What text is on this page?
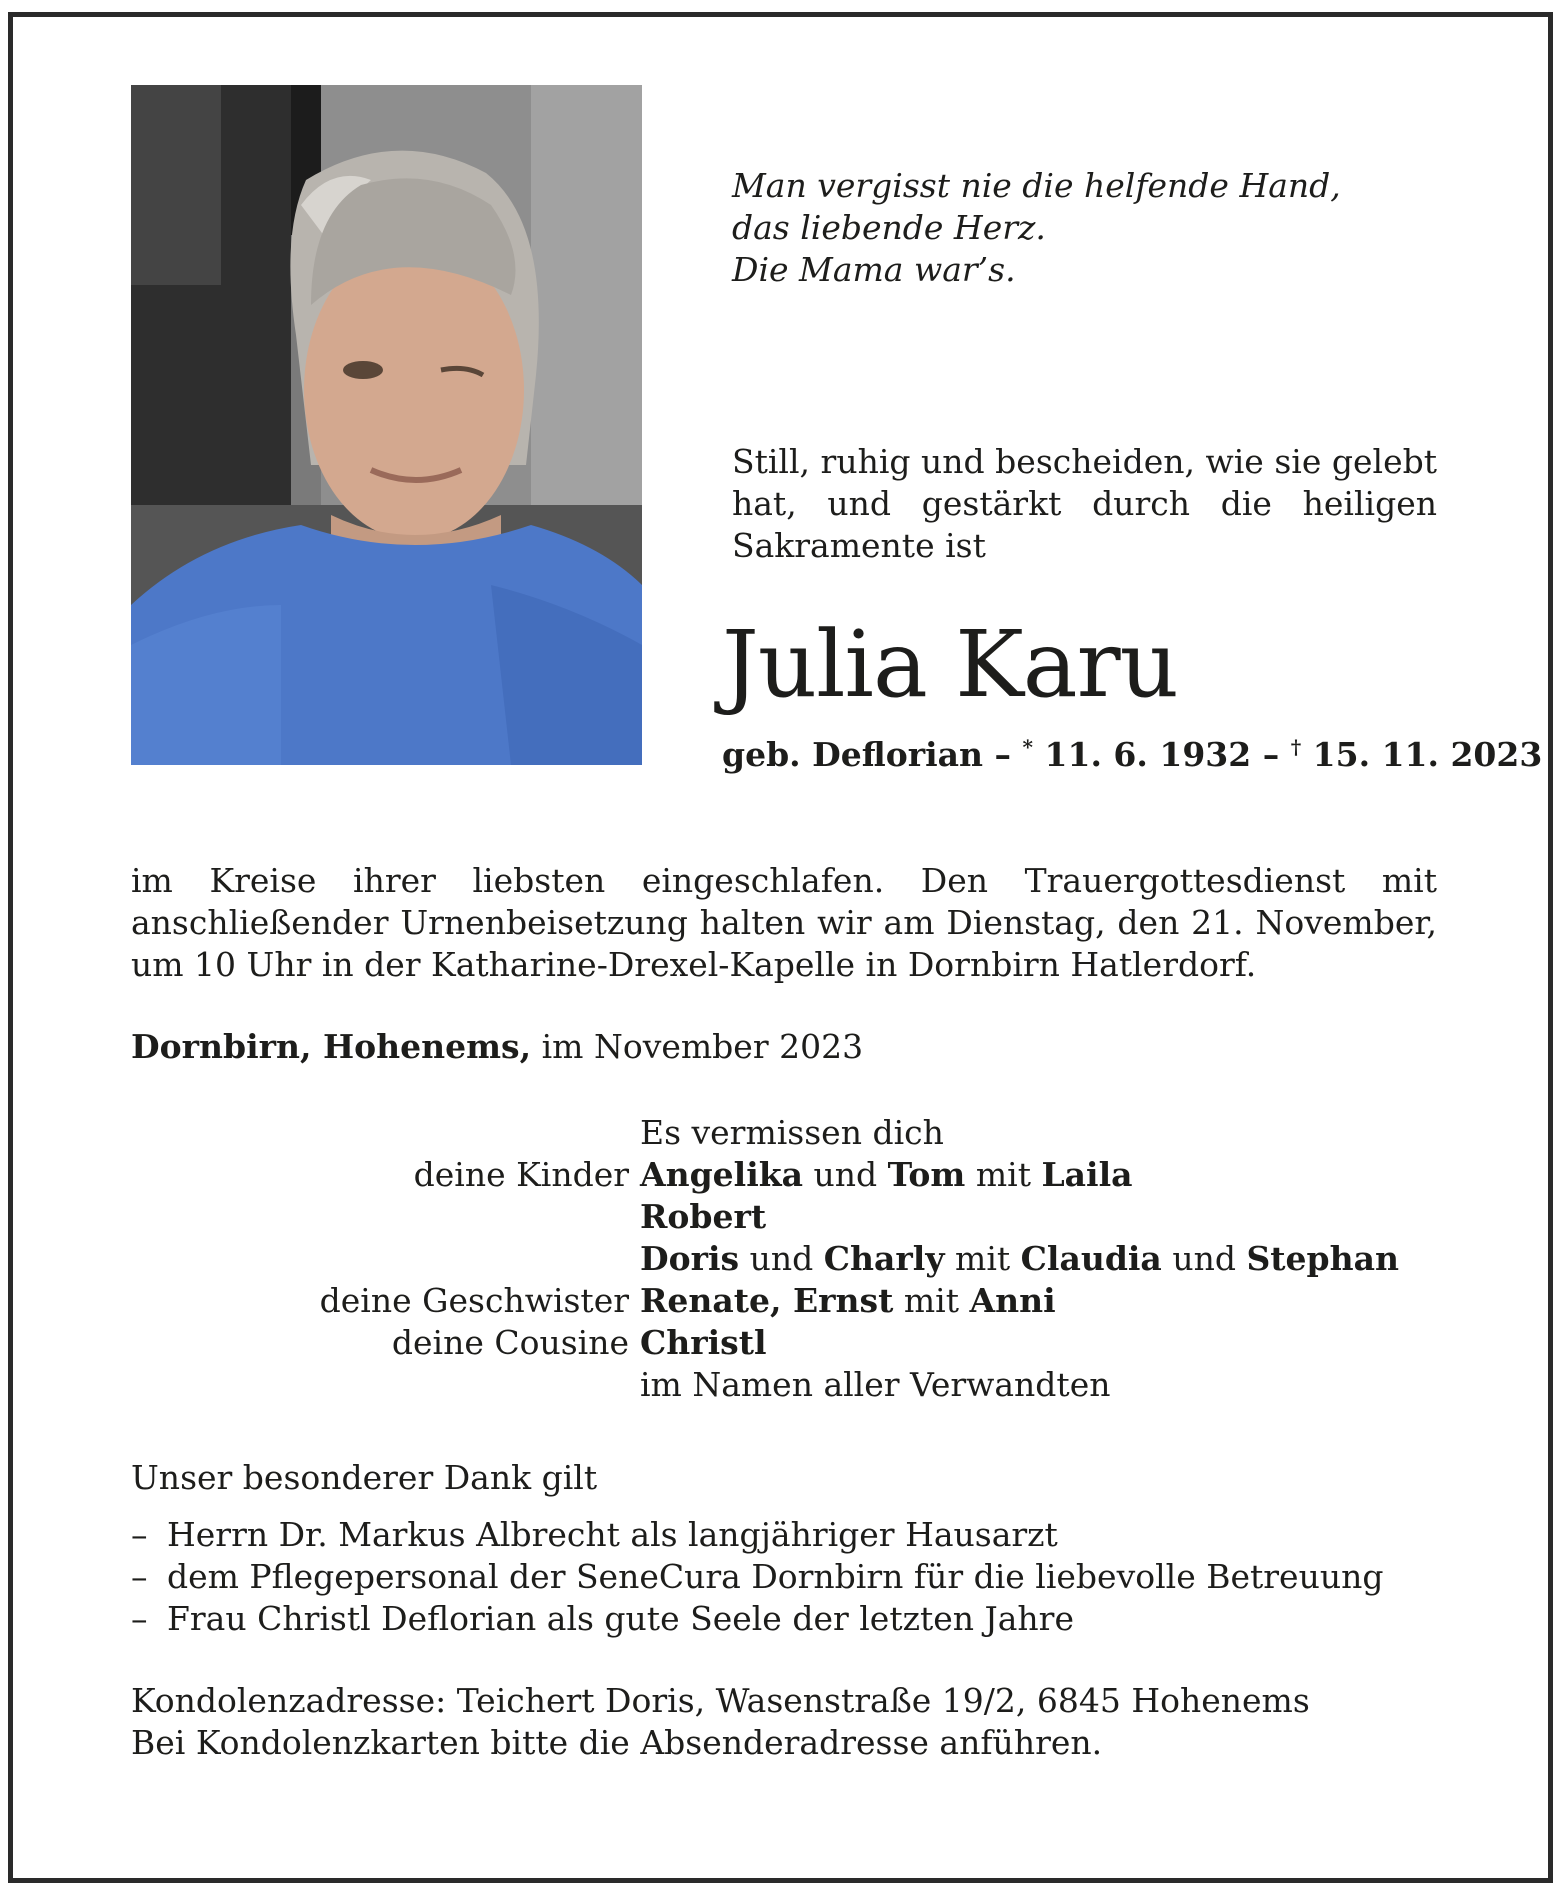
Man vergisst nie die helfende Hand,
das liebende Herz.
Die Mama war’s.
Still, ruhig und bescheiden, wie sie gelebt hat, und gestärkt durch die heiligen Sakramente ist
Julia Karu
geb. Deflorian – * 11. 6. 1932 – † 15. 11. 2023
im Kreise ihrer liebsten eingeschlafen. Den Trauergottesdienst mit anschließender Urnenbeisetzung halten wir am Dienstag, den 21. November, um 10 Uhr in der Katharine-Drexel-Kapelle in Dornbirn Hatlerdorf.
Dornbirn, Hohenems, im November 2023
Es vermissen dich
deine Kinder Angelika und Tom mit Laila
Robert
Doris und Charly mit Claudia und Stephan
deine Geschwister Renate, Ernst mit Anni
deine Cousine Christl
im Namen aller Verwandten
Unser besonderer Dank gilt
– Herrn Dr. Markus Albrecht als langjähriger Hausarzt
– dem Pflegepersonal der SeneCura Dornbirn für die liebevolle Betreuung
– Frau Christl Deflorian als gute Seele der letzten Jahre
Kondolenzadresse: Teichert Doris, Wasenstraße 19/2, 6845 Hohenems
Bei Kondolenzkarten bitte die Absenderadresse anführen.
